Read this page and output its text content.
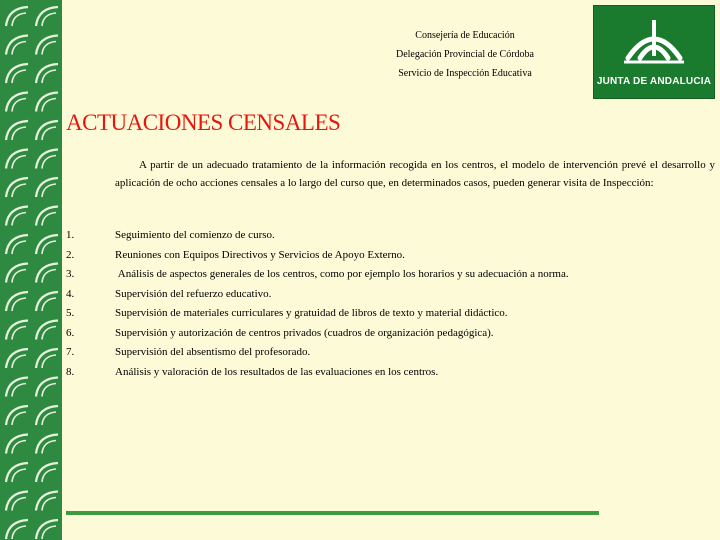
Consejería de Educación
Delegación Provincial de Córdoba
Servicio de Inspección Educativa
JUNTA DE ANDALUCIA
ACTUACIONES CENSALES
A partir de un adecuado tratamiento de la información recogida en los centros, el modelo de intervención prevé el desarrollo y aplicación de ocho acciones censales a lo largo del curso que, en determinados casos, pueden generar visita de Inspección:
1.	Seguimiento del comienzo de curso.
2.	Reuniones con Equipos Directivos y Servicios de Apoyo Externo.
3.	Análisis de aspectos generales de los centros, como por ejemplo los horarios y su adecuación a norma.
4.	Supervisión del refuerzo educativo.
5.	Supervisión de materiales curriculares y gratuidad de libros de texto y material didáctico.
6.	Supervisión y autorización de centros privados (cuadros de organización pedagógica).
7.	Supervisión del absentismo del profesorado.
8.	Análisis y valoración de los resultados de las evaluaciones en los centros.
